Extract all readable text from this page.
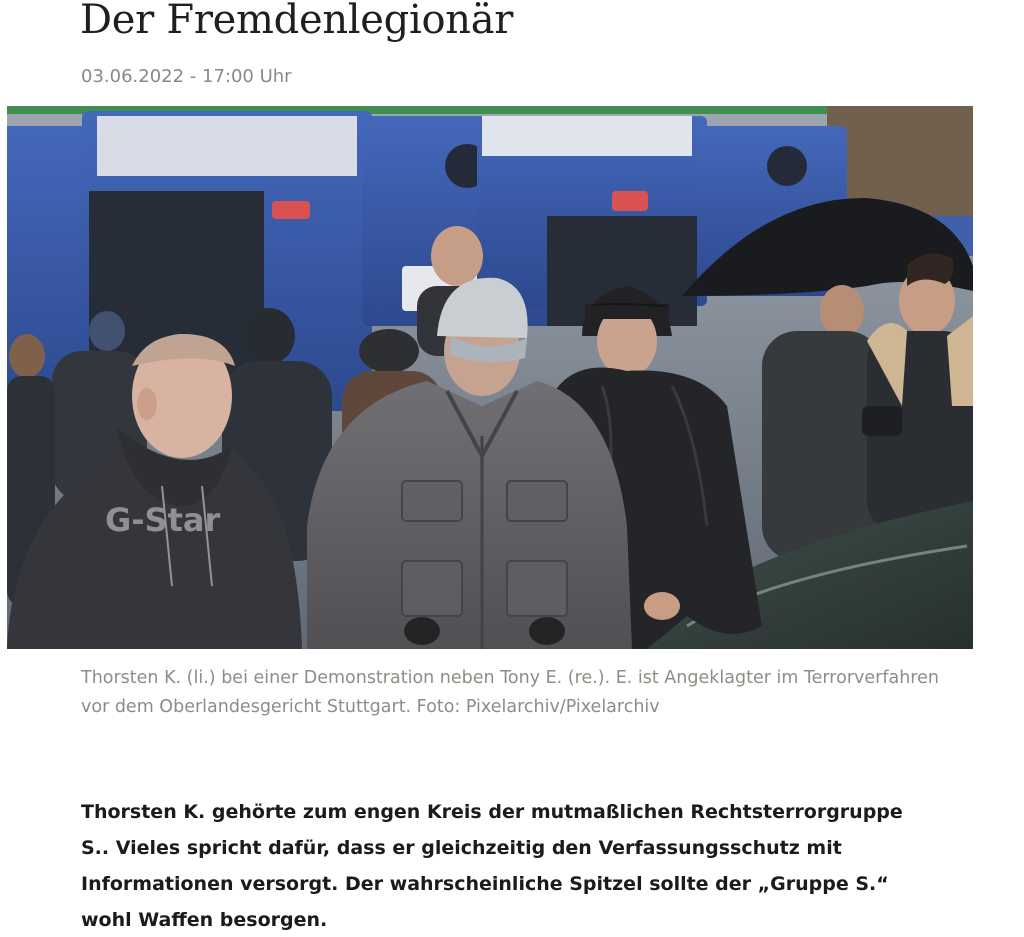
Der Fremdenlegionär
03.06.2022 - 17:00 Uhr
G-Star
Thorsten K. (li.) bei einer Demonstration neben Tony E. (re.). E. ist Angeklagter im Terrorverfahren vor dem Oberlandesgericht Stuttgart. Foto: Pixelarchiv/Pixelarchiv

Thorsten K. gehörte zum engen Kreis der mutmaßlichen Rechtsterrorgruppe S.. Vieles spricht dafür, dass er gleichzeitig den Verfassungsschutz mit Informationen versorgt. Der wahrscheinliche Spitzel sollte der „Gruppe S.“ wohl Waffen besorgen.
